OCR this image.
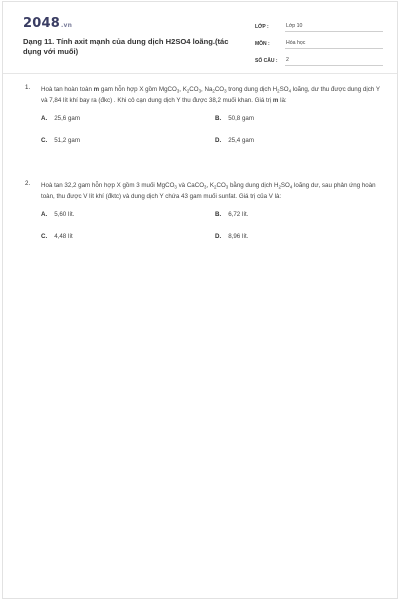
2048.vn
Dạng 11. Tính axit mạnh của dung dịch H2SO4 loãng.(tác dụng với muối)
LỚP :	Lớp 10
MÔN :	Hóa học
SỐ CÂU :	2
1. Hoà tan hoàn toàn m gam hỗn hợp X gồm MgCO$_3$, $K_2CO_3$, $Na_2CO_3$ trong dung dịch $H_2SO_4$ loãng, dư thu được dung dịch Y và 7,84 lít khí bay ra (đkc) . Khi cô cạn dung dịch Y thu được 38,2 muối khan. Giá trị m là:
A. 25,6 gam	B. 50,8 gam
C. 51,2 gam	D. 25,4 gam
2. Hoà tan 32,2 gam hỗn hợp X gồm 3 muối MgCO$_3$ và CaCO$_3$, $K_2CO_3$ bằng dung dịch $H_2SO_4$ loãng dư, sau phản ứng hoàn toàn, thu được V lít khí (đktc) và dung dịch Y chứa 43 gam muối sunfat. Giá trị của V là:
A. 5,60 lít.	B. 6,72 lít.
C. 4,48 lít	D. 8,96 lít.
